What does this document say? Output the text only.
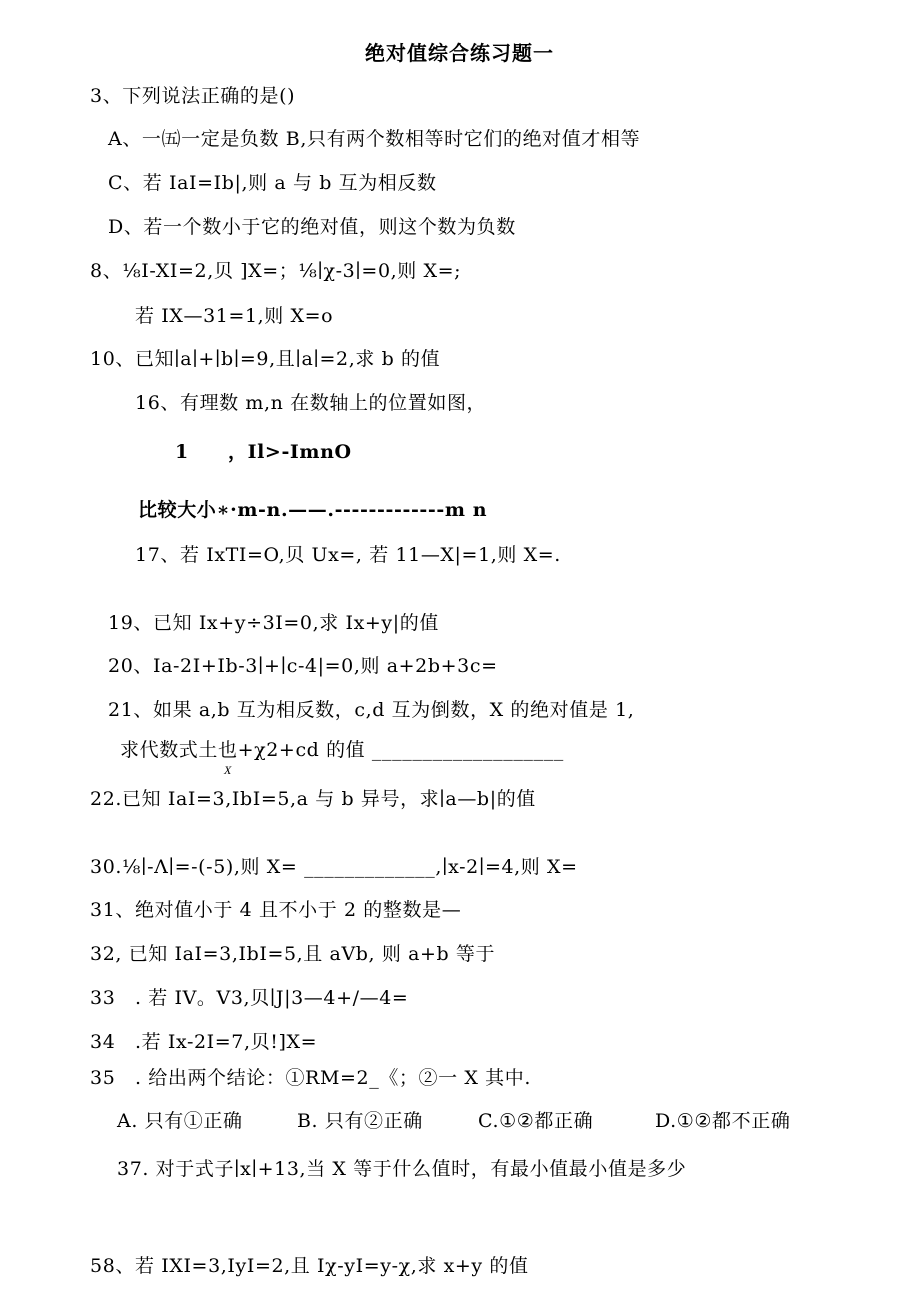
绝对值综合练习题一
3、下列说法正确的是()
A、一㈤一定是负数 B,只有两个数相等时它们的绝对值才相等
C、若 IaI=Ib|,则 a 与 b 互为相反数
D、若一个数小于它的绝对值，则这个数为负数
8、⅛I-XI=2,贝 ]X=；⅛∣χ-3∣=0,则 X=;
若 IX—31=1,则 X=o
10、已知∣a∣+∣b∣=9,且∣a∣=2,求 b 的值
16、有理数 m,n 在数轴上的位置如图，
1　　，Il>-ImnO
比较大小∗·m-n.——.-------------m n
17、若 IxTI=O,贝 Ux=, 若 11—X|=1,则 X=.
19、已知 Ix+y÷3I=0,求 Ix+y|的值
20、Ia-2I+Ib-3∣+∣c-4|=0,则 a+2b+3c=
21、如果 a,b 互为相反数，c,d 互为倒数，X 的绝对值是 1,
求代数式土也+χ2+cd 的值 ___________________
X
22.已知 IaI=3,IbI=5,a 与 b 异号，求∣a—b|的值
30.⅛∣-Λ∣=-(-5),则 X= _____________,∣x-2∣=4,则 X=
31、绝对值小于 4 且不小于 2 的整数是—
32, 已知 IaI=3,IbI=5,且 aVb, 则 a+b 等于
33　. 若 IV。V3,贝∣J|3—4+/—4=
34　.若 Ix-2I=7,贝!]X=
35　. 给出两个结论：①RM=2_《；②一 X 其中.
A. 只有①正确	B. 只有②正确	C.①②都正确	D.①②都不正确
37. 对于式子∣x∣+13,当 X 等于什么值时，有最小值最小值是多少
58、若 IXI=3,IyI=2,且 Iχ-yI=y-χ,求 x+y 的值
